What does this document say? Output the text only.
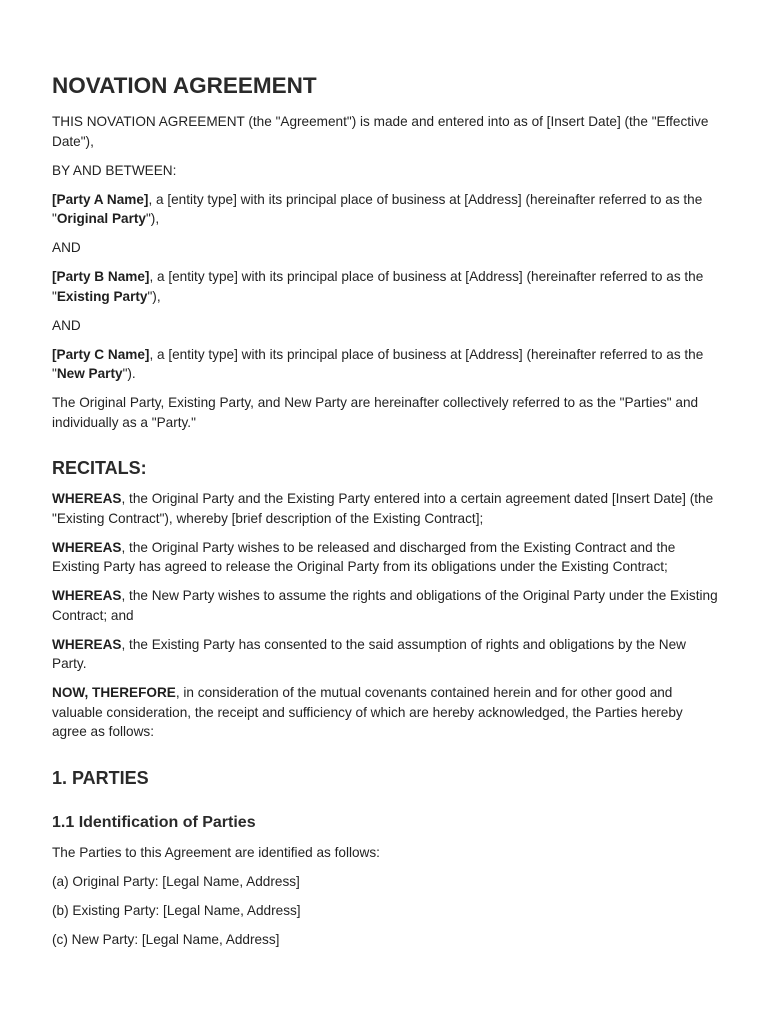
NOVATION AGREEMENT

THIS NOVATION AGREEMENT (the "Agreement") is made and entered into as of [Insert Date] (the "Effective Date"),

BY AND BETWEEN:

[Party A Name], a [entity type] with its principal place of business at [Address] (hereinafter referred to as the "Original Party"),

AND

[Party B Name], a [entity type] with its principal place of business at [Address] (hereinafter referred to as the "Existing Party"),

AND

[Party C Name], a [entity type] with its principal place of business at [Address] (hereinafter referred to as the "New Party").

The Original Party, Existing Party, and New Party are hereinafter collectively referred to as the "Parties" and individually as a "Party."

RECITALS:

WHEREAS, the Original Party and the Existing Party entered into a certain agreement dated [Insert Date] (the "Existing Contract"), whereby [brief description of the Existing Contract];

WHEREAS, the Original Party wishes to be released and discharged from the Existing Contract and the Existing Party has agreed to release the Original Party from its obligations under the Existing Contract;

WHEREAS, the New Party wishes to assume the rights and obligations of the Original Party under the Existing Contract; and

WHEREAS, the Existing Party has consented to the said assumption of rights and obligations by the New Party.

NOW, THEREFORE, in consideration of the mutual covenants contained herein and for other good and valuable consideration, the receipt and sufficiency of which are hereby acknowledged, the Parties hereby agree as follows:

1. PARTIES
1.1 Identification of Parties

The Parties to this Agreement are identified as follows:

(a) Original Party: [Legal Name, Address]

(b) Existing Party: [Legal Name, Address]

(c) New Party: [Legal Name, Address]
